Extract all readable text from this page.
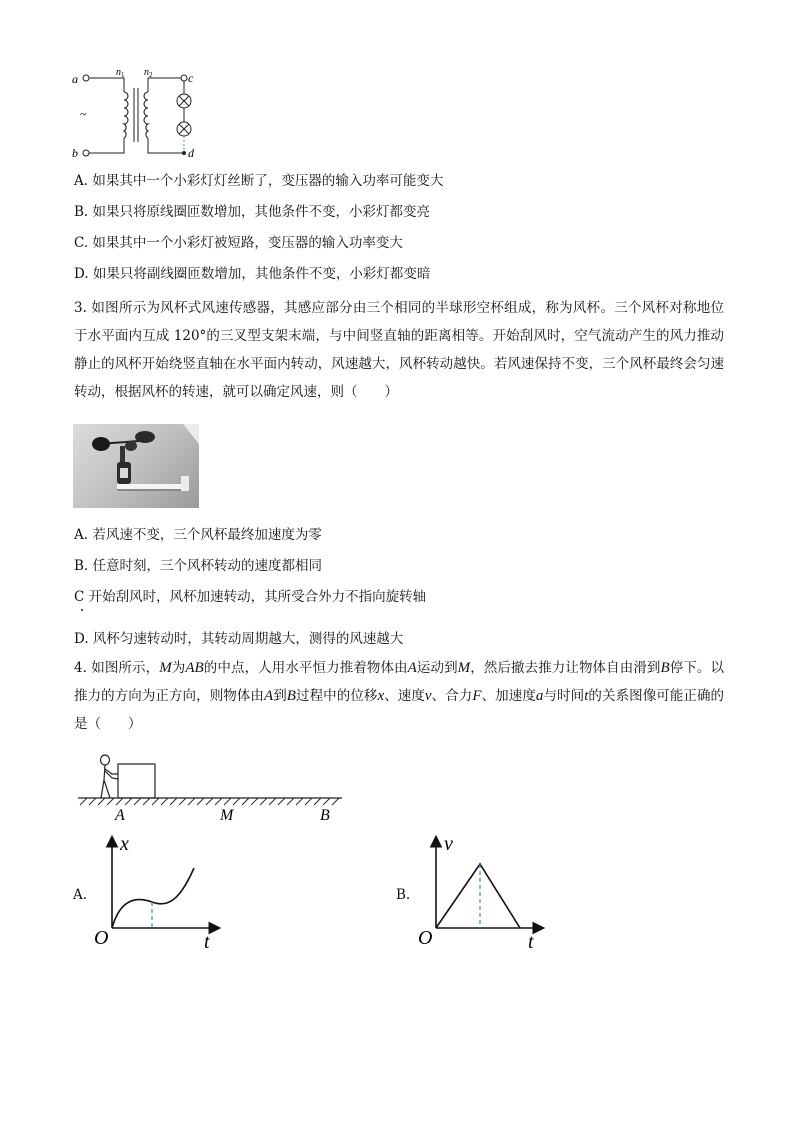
a
b
c
d
~
$n_1$ $n_2$
A. 如果其中一个小彩灯灯丝断了，变压器的输入功率可能变大
B. 如果只将原线圈匝数增加，其他条件不变，小彩灯都变亮
C. 如果其中一个小彩灯被短路，变压器的输入功率变大
D. 如果只将副线圈匝数增加，其他条件不变，小彩灯都变暗
3. 如图所示为风杯式风速传感器，其感应部分由三个相同的半球形空杯组成，称为风杯。三个风杯对称地位于水平面内互成 120°的三叉型支架末端，与中间竖直轴的距离相等。开始刮风时，空气流动产生的风力推动静止的风杯开始绕竖直轴在水平面内转动，风速越大，风杯转动越快。若风速保持不变，三个风杯最终会匀速转动，根据风杯的转速，就可以确定风速，则（　　）
A. 若风速不变，三个风杯最终加速度为零
B. 任意时刻，三个风杯转动的速度都相同
C 开始刮风时，风杯加速转动，其所受合外力不指向旋转轴
D. 风杯匀速转动时，其转动周期越大，测得的风速越大
4. 如图所示，M为AB的中点，人用水平恒力推着物体由A运动到M，然后撤去推力让物体自由滑到B停下。以推力的方向为正方向，则物体由A到B过程中的位移x、速度v、合力F、加速度a与时间t的关系图像可能正确的是（　　）
A	M	B
A.
x
t
O
B.
v
t
O
